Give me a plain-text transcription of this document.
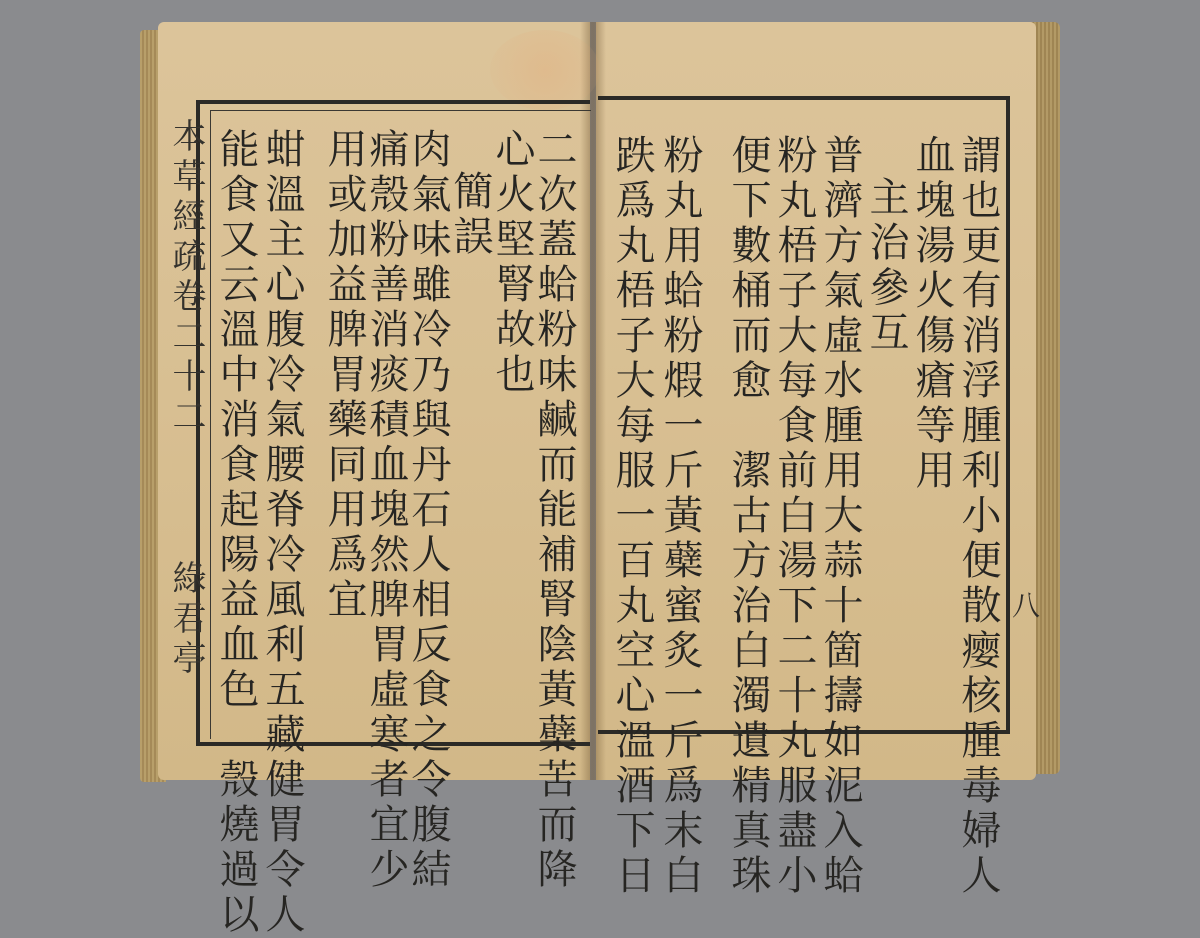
本草經疏卷二十二
綠君亭	二次蓋蛤粉味鹹而能補腎陰黃蘗苦而降
心火堅腎故也
簡誤
肉氣味雖冷乃與丹石人相反食之令腹結
痛殼粉善消痰積血塊然脾胃虛寒者宜少
用或加益脾胃藥同用爲宜
蚶溫主心腹冷氣腰脊冷風利五藏健胃令人
能食又云溫中消食起陽益血色　殼燒過以	謂也更有消浮腫利小便散瘿核腫毒婦人
血塊湯火傷瘡等用
主治參互
普濟方氣虛水腫用大蒜十箇擣如泥入蛤
粉丸梧子大每食前白湯下二十丸服盡小
便下數桶而愈　潔古方治白濁遺精真珠
粉丸用蛤粉煆一斤黃蘗蜜炙一斤爲末白
跌爲丸梧子大每服一百丸空心溫酒下日	八
